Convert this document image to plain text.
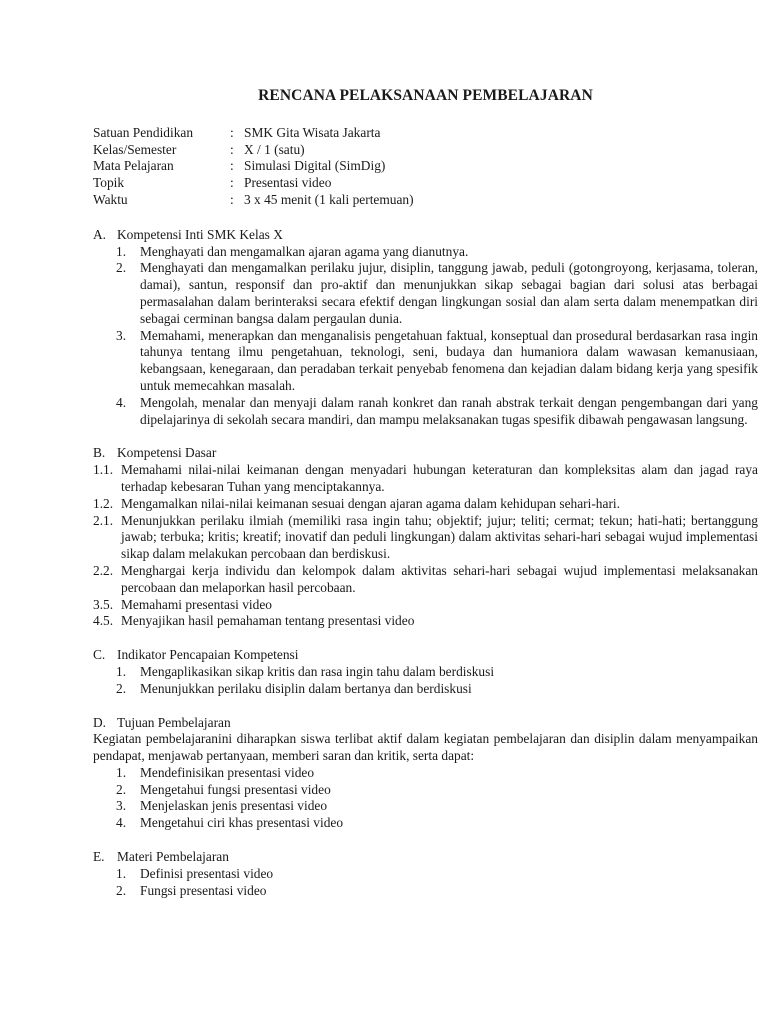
RENCANA PELAKSANAAN PEMBELAJARAN
Satuan Pendidikan	: SMK Gita Wisata Jakarta
Kelas/Semester	: X / 1 (satu)
Mata Pelajaran	: Simulasi Digital (SimDig)
Topik	: Presentasi video
Waktu	: 3 x 45 menit (1 kali pertemuan)
A. Kompetensi Inti SMK Kelas X
1.	Menghayati dan mengamalkan ajaran agama yang dianutnya.
2.	Menghayati dan mengamalkan perilaku jujur, disiplin, tanggung jawab, peduli (gotongroyong, kerjasama, toleran, damai), santun, responsif dan pro-aktif dan menunjukkan sikap sebagai bagian dari solusi atas berbagai permasalahan dalam berinteraksi secara efektif dengan lingkungan sosial dan alam serta dalam menempatkan diri sebagai cerminan bangsa dalam pergaulan dunia.
3.	Memahami, menerapkan dan menganalisis pengetahuan faktual, konseptual dan prosedural berdasarkan rasa ingin tahunya tentang ilmu pengetahuan, teknologi, seni, budaya dan humaniora dalam wawasan kemanusiaan, kebangsaan, kenegaraan, dan peradaban terkait penyebab fenomena dan kejadian dalam bidang kerja yang spesifik untuk memecahkan masalah.
4.	Mengolah, menalar dan menyaji dalam ranah konkret dan ranah abstrak terkait dengan pengembangan dari yang dipelajarinya di sekolah secara mandiri, dan mampu melaksanakan tugas spesifik dibawah pengawasan langsung.
B. Kompetensi Dasar
1.1. Memahami nilai-nilai keimanan dengan menyadari hubungan keteraturan dan kompleksitas alam dan jagad raya terhadap kebesaran Tuhan yang menciptakannya.
1.2. Mengamalkan nilai-nilai keimanan sesuai dengan ajaran agama dalam kehidupan sehari-hari.
2.1. Menunjukkan perilaku ilmiah (memiliki rasa ingin tahu; objektif; jujur; teliti; cermat; tekun; hati-hati; bertanggung jawab; terbuka; kritis; kreatif; inovatif dan peduli lingkungan) dalam aktivitas sehari-hari sebagai wujud implementasi sikap dalam melakukan percobaan dan berdiskusi.
2.2. Menghargai kerja individu dan kelompok dalam aktivitas sehari-hari sebagai wujud implementasi melaksanakan percobaan dan melaporkan hasil percobaan.
3.5. Memahami presentasi video
4.5. Menyajikan hasil pemahaman tentang presentasi video
C. Indikator Pencapaian Kompetensi
1.	Mengaplikasikan sikap kritis dan rasa ingin tahu dalam berdiskusi
2.	Menunjukkan perilaku disiplin dalam bertanya dan berdiskusi
D. Tujuan Pembelajaran
Kegiatan pembelajaranini diharapkan siswa terlibat aktif dalam kegiatan pembelajaran dan disiplin dalam menyampaikan pendapat, menjawab pertanyaan, memberi saran dan kritik, serta dapat:
1.	Mendefinisikan presentasi video
2.	Mengetahui fungsi presentasi video
3.	Menjelaskan jenis presentasi video
4.	Mengetahui ciri khas presentasi video
E. Materi Pembelajaran
1.	Definisi presentasi video
2.	Fungsi presentasi video
